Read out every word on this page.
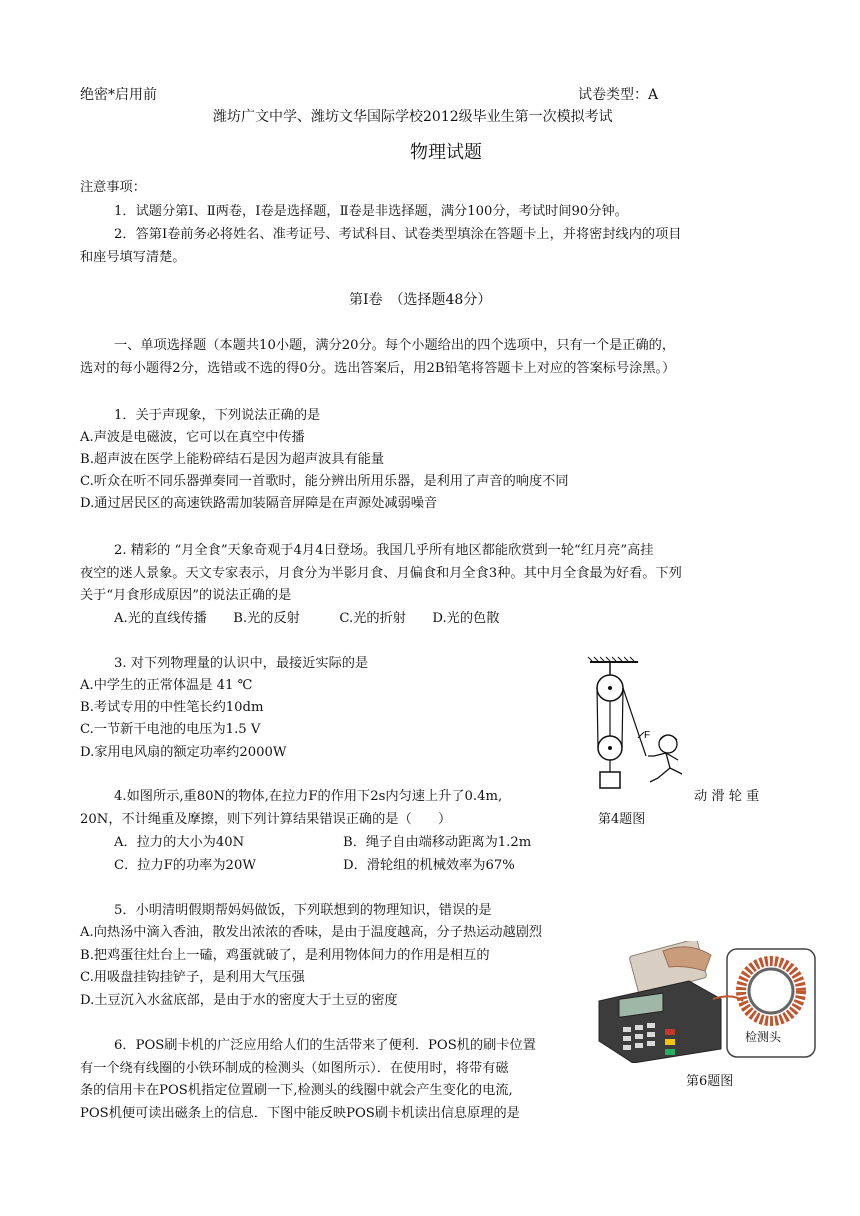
绝密*启用前	试卷类型：A
潍坊广文中学、潍坊文华国际学校2012级毕业生第一次模拟考试
物理试题
注意事项：
1．试题分第Ⅰ、Ⅱ两卷，Ⅰ卷是选择题，Ⅱ卷是非选择题，满分100分，考试时间90分钟。
2．答第Ⅰ卷前务必将姓名、准考证号、考试科目、试卷类型填涂在答题卡上，并将密封线内的项目
和座号填写清楚。
第Ⅰ卷　（选择题48分）
一、单项选择题（本题共10小题，满分20分。每个小题给出的四个选项中，只有一个是正确的，
选对的每小题得2分，选错或不选的得0分。选出答案后，用2B铅笔将答题卡上对应的答案标号涂黑。）
1．关于声现象，下列说法正确的是
A.声波是电磁波，它可以在真空中传播
B.超声波在医学上能粉碎结石是因为超声波具有能量
C.听众在听不同乐器弹奏同一首歌时，能分辨出所用乐器，是利用了声音的响度不同
D.通过居民区的高速铁路需加装隔音屏障是在声源处减弱噪音
2. 精彩的 “月全食”天象奇观于4月4日登场。我国几乎所有地区都能欣赏到一轮“红月亮”高挂
夜空的迷人景象。天文专家表示，月食分为半影月食、月偏食和月全食3种。其中月全食最为好看。下列
关于“月食形成原因”的说法正确的是
A.光的直线传播　　B.光的反射　　　C.光的折射　　D.光的色散
3. 对下列物理量的认识中，最接近实际的是
A.中学生的正常体温是 41 ℃
B.考试专用的中性笔长约10dm
C.一节新干电池的电压为1.5 V
D.家用电风扇的额定功率约2000W
F
动 滑 轮 重
4.如图所示,重80N的物体,在拉力F的作用下2s内匀速上升了0.4m,
20N，不计绳重及摩擦，则下列计算结果错误正确的是（　　）	第4题图
A．拉力的大小为40N	B．绳子自由端移动距离为1.2m
C．拉力F的功率为20W	D．滑轮组的机械效率为67%
5．小明清明假期帮妈妈做饭，下列联想到的物理知识，错误的是
A.向热汤中滴入香油，散发出浓浓的香味，是由于温度越高，分子热运动越剧烈
B.把鸡蛋往灶台上一磕，鸡蛋就破了，是利用物体间力的作用是相互的
C.用吸盘挂钩挂铲子，是利用大气压强
D.土豆沉入水盆底部，是由于水的密度大于土豆的密度
检测头
第6题图
6．POS刷卡机的广泛应用给人们的生活带来了便利．POS机的刷卡位置
有一个绕有线圈的小铁环制成的检测头（如图所示）．在使用时，将带有磁
条的信用卡在POS机指定位置刷一下,检测头的线圈中就会产生变化的电流,
POS机便可读出磁条上的信息．下图中能反映POS刷卡机读出信息原理的是
